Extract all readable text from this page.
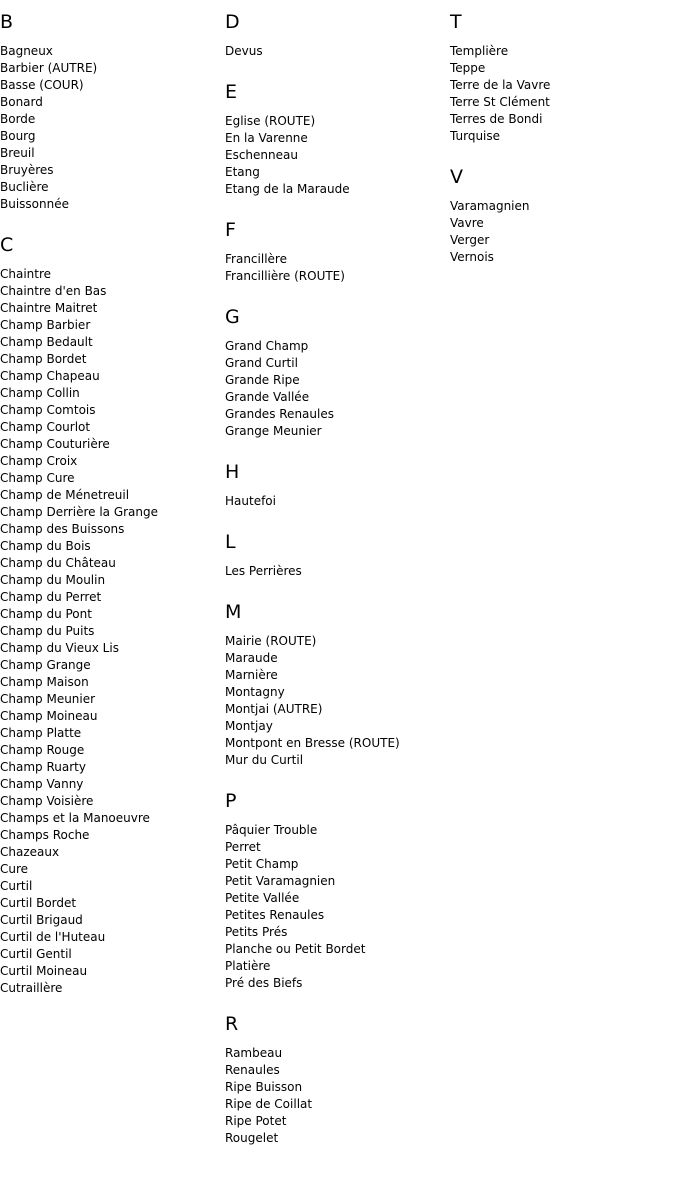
B
Bagneux
Barbier (AUTRE)
Basse (COUR)
Bonard
Borde
Bourg
Breuil
Bruyères
Buclière
Buissonnée
C
Chaintre
Chaintre d'en Bas
Chaintre Maitret
Champ Barbier
Champ Bedault
Champ Bordet
Champ Chapeau
Champ Collin
Champ Comtois
Champ Courlot
Champ Couturière
Champ Croix
Champ Cure
Champ de Ménetreuil
Champ Derrière la Grange
Champ des Buissons
Champ du Bois
Champ du Château
Champ du Moulin
Champ du Perret
Champ du Pont
Champ du Puits
Champ du Vieux Lis
Champ Grange
Champ Maison
Champ Meunier
Champ Moineau
Champ Platte
Champ Rouge
Champ Ruarty
Champ Vanny
Champ Voisière
Champs et la Manoeuvre
Champs Roche
Chazeaux
Cure
Curtil
Curtil Bordet
Curtil Brigaud
Curtil de l'Huteau
Curtil Gentil
Curtil Moineau
Cutraillère
D
Devus
E
Eglise (ROUTE)
En la Varenne
Eschenneau
Etang
Etang de la Maraude
F
Francillère
Francillière (ROUTE)
G
Grand Champ
Grand Curtil
Grande Ripe
Grande Vallée
Grandes Renaules
Grange Meunier
H
Hautefoi
L
Les Perrières
M
Mairie (ROUTE)
Maraude
Marnière
Montagny
Montjai (AUTRE)
Montjay
Montpont en Bresse (ROUTE)
Mur du Curtil
P
Pâquier Trouble
Perret
Petit Champ
Petit Varamagnien
Petite Vallée
Petites Renaules
Petits Prés
Planche ou Petit Bordet
Platière
Pré des Biefs
R
Rambeau
Renaules
Ripe Buisson
Ripe de Coillat
Ripe Potet
Rougelet
T
Templière
Teppe
Terre de la Vavre
Terre St Clément
Terres de Bondi
Turquise
V
Varamagnien
Vavre
Verger
Vernois
